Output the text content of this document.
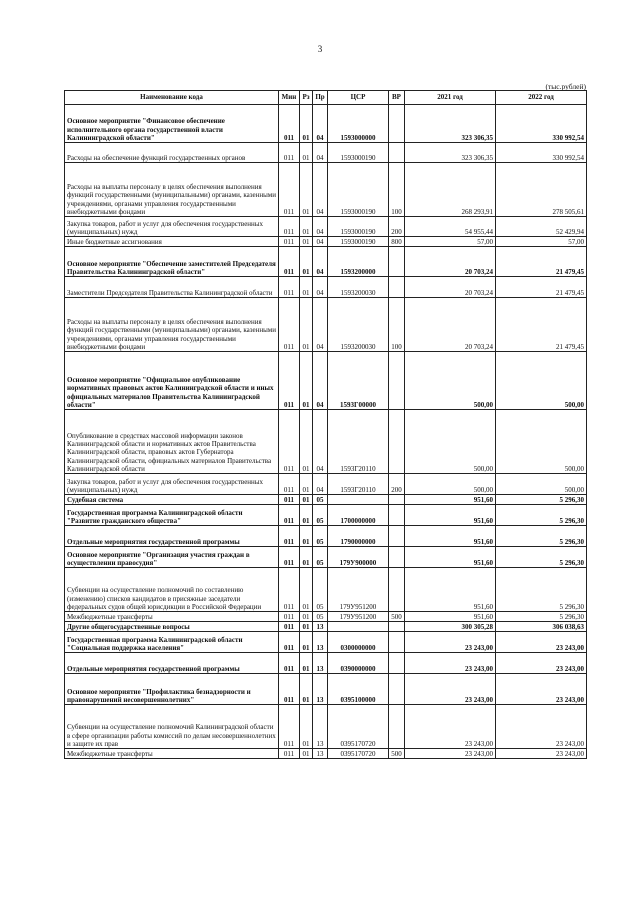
3
(тыс.рублей)
Наименование кода	Мин	Рз	Пр	ЦСР	ВР	2021 год	2022 год
Основное мероприятие "Финансовое обеспечение исполнительного органа государственной власти Калининградской области"	011	01	04	1593000000		323 306,35	330 992,54
Расходы на обеспечение функций государственных органов	011	01	04	1593000190		323 306,35	330 992,54
Расходы на выплаты персоналу в целях обеспечения выполнения функций государственными (муниципальными) органами, казенными учреждениями, органами управления государственными внебюджетными фондами	011	01	04	1593000190	100	268 293,91	278 505,61
Закупка товаров, работ и услуг для обеспечения государственных (муниципальных) нужд	011	01	04	1593000190	200	54 955,44	52 429,94
Иные бюджетные ассигнования	011	01	04	1593000190	800	57,00	57,00
Основное мероприятие "Обеспечение заместителей Председателя Правительства Калининградской области"	011	01	04	1593200000		20 703,24	21 479,45
Заместители Председателя Правительства Калининградской области	011	01	04	1593200030		20 703,24	21 479,45
Расходы на выплаты персоналу в целях обеспечения выполнения функций государственными (муниципальными) органами, казенными учреждениями, органами управления государственными внебюджетными фондами	011	01	04	1593200030	100	20 703,24	21 479,45
Основное мероприятие "Официальное опубликование нормативных правовых актов Калининградской области и иных официальных материалов Правительства Калининградской области"	011	01	04	1593Г00000		500,00	500,00
Опубликование в средствах массовой информации законов Калининградской области и нормативных актов Правительства Калининградской области, правовых актов Губернатора Калининградской области, официальных материалов Правительства Калининградской области	011	01	04	1593Г20110		500,00	500,00
Закупка товаров, работ и услуг для обеспечения государственных (муниципальных) нужд	011	01	04	1593Г20110	200	500,00	500,00
Судебная система	011	01	05			951,60	5 296,30
Государственная программа Калининградской области "Развитие гражданского общества"	011	01	05	1700000000		951,60	5 296,30
Отдельные мероприятия государственной программы	011	01	05	1790000000		951,60	5 296,30
Основное мероприятие "Организация участия граждан в осуществлении правосудия"	011	01	05	179У900000		951,60	5 296,30
Субвенции на осуществление полномочий по составлению (изменению) списков кандидатов в присяжные заседатели федеральных судов общей юрисдикции в Российской Федерации	011	01	05	179У951200		951,60	5 296,30
Межбюджетные трансферты	011	01	05	179У951200	500	951,60	5 296,30
Другие общегосударственные вопросы	011	01	13			300 305,28	306 038,63
Государственная программа Калининградской области "Социальная поддержка населения"	011	01	13	0300000000		23 243,00	23 243,00
Отдельные мероприятия государственной программы	011	01	13	0390000000		23 243,00	23 243,00
Основное мероприятие "Профилактика безнадзорности и правонарушений несовершеннолетних"	011	01	13	0395100000		23 243,00	23 243,00
Субвенции на осуществление полномочий Калининградской области в сфере организации работы комиссий по делам несовершеннолетних и защите их прав	011	01	13	0395170720		23 243,00	23 243,00
Межбюджетные трансферты	011	01	13	0395170720	500	23 243,00	23 243,00
